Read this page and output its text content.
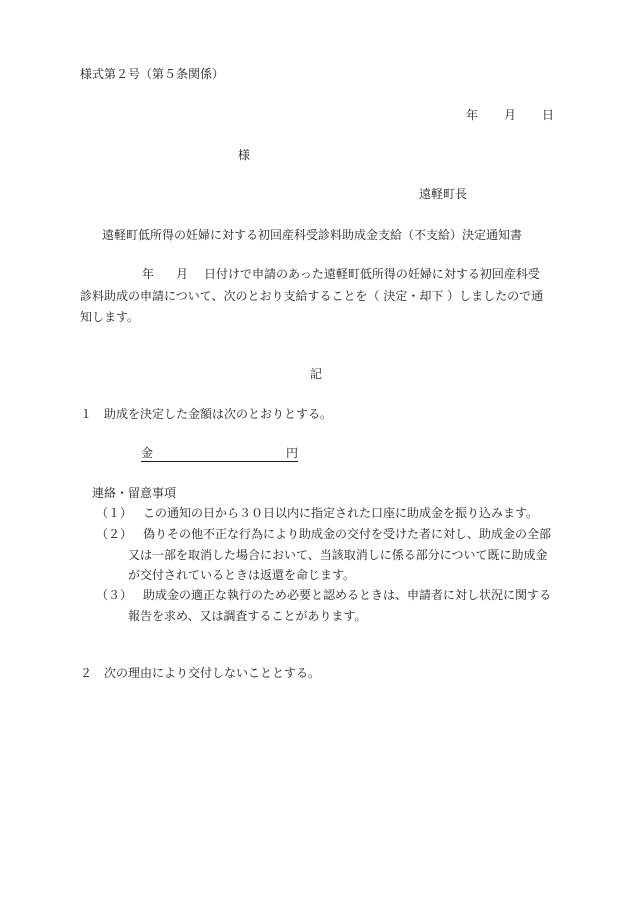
様式第２号（第５条関係）
年 月 日
様
遠軽町長
遠軽町低所得の妊婦に対する初回産科受診料助成金支給（不支給）決定通知書
年 月 日付けで申請のあった遠軽町低所得の妊婦に対する初回産科受
診料助成の申請について、次のとおり支給することを（ 決定・却下 ）しましたので通
知します。
記
１　助成を決定した金額は次のとおりとする。
金	円
連絡・留意事項
（１） この通知の日から３０日以内に指定された口座に助成金を振り込みます。
（２） 偽りその他不正な行為により助成金の交付を受けた者に対し、助成金の全部
又は一部を取消した場合において、当該取消しに係る部分について既に助成金
が交付されているときは返還を命じます。
（３） 助成金の適正な執行のため必要と認めるときは、申請者に対し状況に関する
報告を求め、又は調査することがあります。
２　次の理由により交付しないこととする。
